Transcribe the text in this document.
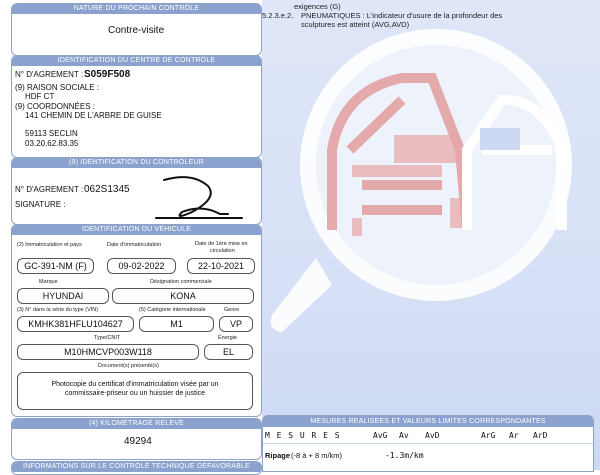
exigences (G)
5.2.3.e.2. PNEUMATIQUES : L'indicateur d'usure de la profondeur des
sculptures est atteint (AVG,AVD)
MESURES REALISEES ET VALEURS LIMITES CORRESPONDANTES
M E S U R E S	AvG Av AvD	ArG Ar ArD
Ripage (-8 à + 8 m/km)	-1.3m/km
NATURE DU PROCHAIN CONTRÔLE
Contre-visite
IDENTIFICATION DU CENTRE DE CONTRÔLE
N° D'AGREMENT : S059F508
(9) RAISON SOCIALE :
HDF CT
(9) COORDONNÉES :
141 CHEMIN DE L'ARBRE DE GUISE
59113 SECLIN
03.20.62.83.35
(9) IDENTIFICATION DU CONTRÔLEUR
N° D'AGREMENT : 062S1345
SIGNATURE :
IDENTIFICATION DU VÉHICULE
(2) Immatriculation et pays	Date d'immatriculation	Date de 1ère mise en
circulation
GC-391-NM (F)	09-02-2022	22-10-2021
Marque	Désignation commerciale
HYUNDAI	KONA
(3) N° dans la série du type (VIN)	(5) Catégorie internationale	Genre
KMHK381HFLU104627	M1	VP
Type/CNIT	Énergie
M10HMCVP003W118	EL
Document(s) présenté(s)
Photocopie du certificat d'immatriculation visée par un
commissaire-priseur ou un huissier de justice
(4) KILOMÉTRAGE RELEVÉ
49294
INFORMATIONS SUR LE CONTRÔLE TECHNIQUE DÉFAVORABLE
